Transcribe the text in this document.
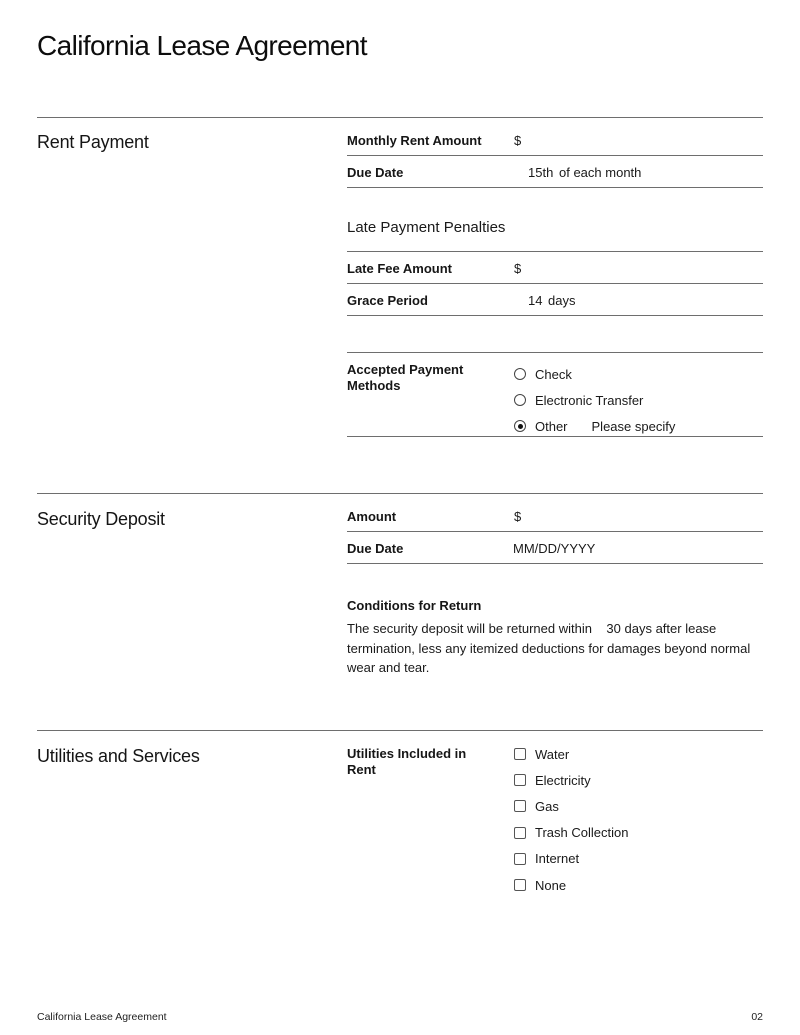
California Lease Agreement
Rent Payment	Monthly Rent Amount $
Due Date	15th of each month
Late Payment Penalties
Late Fee Amount	$
Grace Period	14 days
Accepted Payment Methods
Check
Electronic Transfer
Other Please specify
Security Deposit	Amount	$
Due Date	MM/DD/YYYY
Conditions for Return

The security deposit will be returned within 30 days after lease termination, less any itemized deductions for damages beyond normal wear and tear.

Utilities and Services	Utilities Included in Rent
Water
Electricity
Gas
Trash Collection
Internet
None
California Lease Agreement	02
